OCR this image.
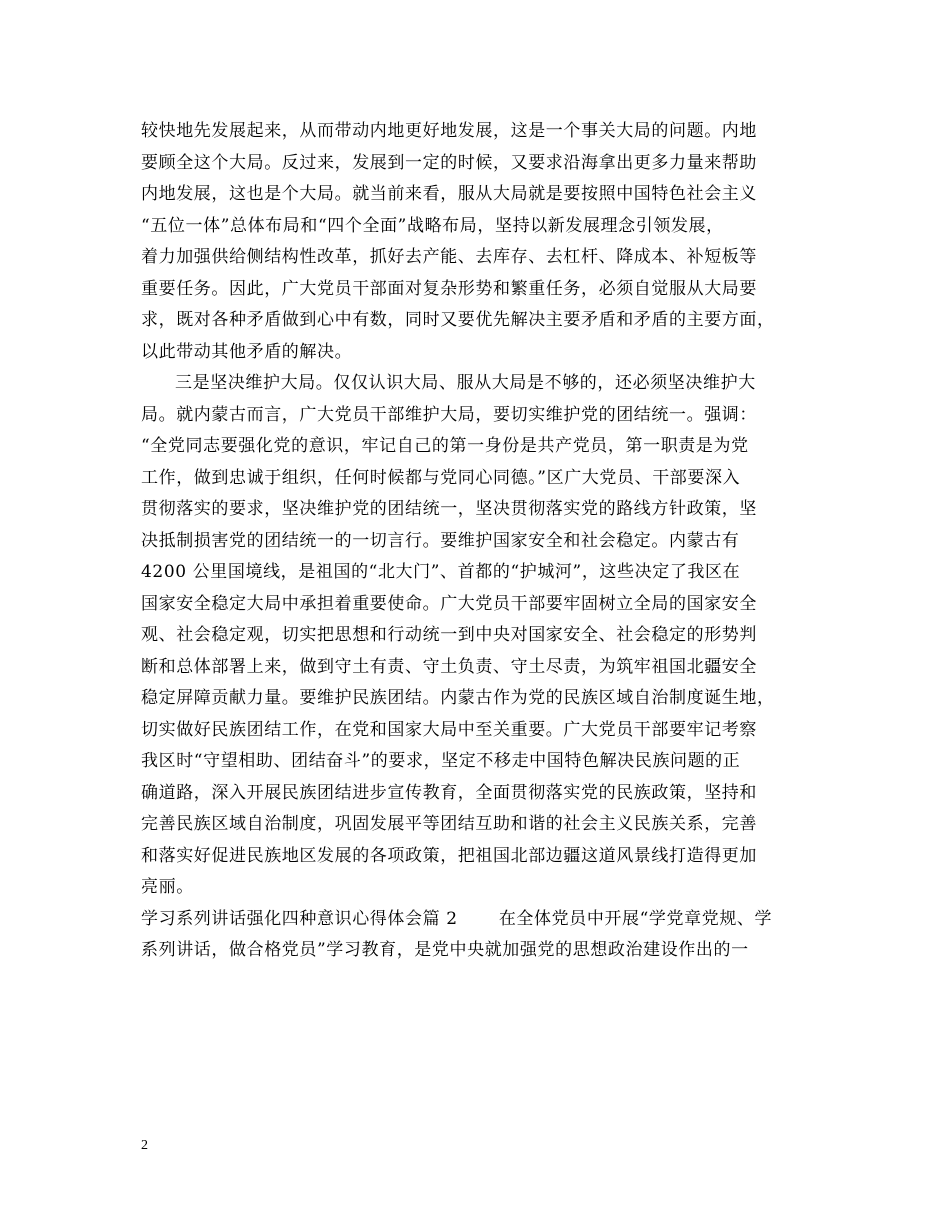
较快地先发展起来，从而带动内地更好地发展，这是一个事关大局的问题。内地
要顾全这个大局。反过来，发展到一定的时候，又要求沿海拿出更多力量来帮助
内地发展，这也是个大局。就当前来看，服从大局就是要按照中国特色社会主义
“五位一体”总体布局和“四个全面”战略布局，坚持以新发展理念引领发展，
着力加强供给侧结构性改革，抓好去产能、去库存、去杠杆、降成本、补短板等
重要任务。因此，广大党员干部面对复杂形势和繁重任务，必须自觉服从大局要
求，既对各种矛盾做到心中有数，同时又要优先解决主要矛盾和矛盾的主要方面，
以此带动其他矛盾的解决。
三是坚决维护大局。仅仅认识大局、服从大局是不够的，还必须坚决维护大
局。就内蒙古而言，广大党员干部维护大局，要切实维护党的团结统一。强调：
“全党同志要强化党的意识，牢记自己的第一身份是共产党员，第一职责是为党
工作，做到忠诚于组织，任何时候都与党同心同德。”区广大党员、干部要深入
贯彻落实的要求，坚决维护党的团结统一，坚决贯彻落实党的路线方针政策，坚
决抵制损害党的团结统一的一切言行。要维护国家安全和社会稳定。内蒙古有
4200 公里国境线，是祖国的“北大门”、首都的“护城河”，这些决定了我区在
国家安全稳定大局中承担着重要使命。广大党员干部要牢固树立全局的国家安全
观、社会稳定观，切实把思想和行动统一到中央对国家安全、社会稳定的形势判
断和总体部署上来，做到守土有责、守土负责、守土尽责，为筑牢祖国北疆安全
稳定屏障贡献力量。要维护民族团结。内蒙古作为党的民族区域自治制度诞生地，
切实做好民族团结工作，在党和国家大局中至关重要。广大党员干部要牢记考察
我区时“守望相助、团结奋斗”的要求，坚定不移走中国特色解决民族问题的正
确道路，深入开展民族团结进步宣传教育，全面贯彻落实党的民族政策，坚持和
完善民族区域自治制度，巩固发展平等团结互助和谐的社会主义民族关系，完善
和落实好促进民族地区发展的各项政策，把祖国北部边疆这道风景线打造得更加
亮丽。
学习系列讲话强化四种意识心得体会篇 2　　 在全体党员中开展“学党章党规、学
系列讲话，做合格党员”学习教育，是党中央就加强党的思想政治建设作出的一
2
